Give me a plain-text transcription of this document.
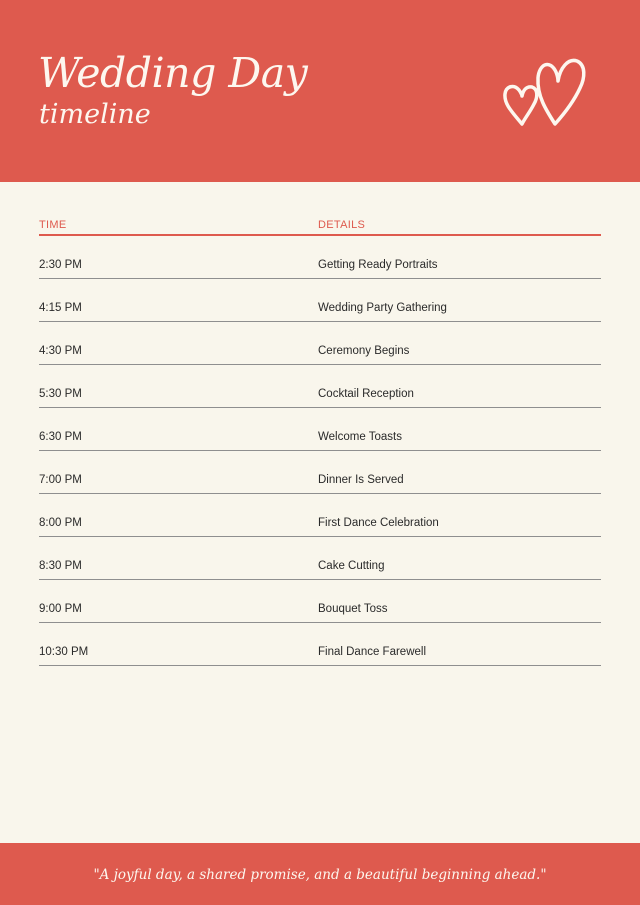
Wedding Day
timeline
TIME	DETAILS
2:30 PM	Getting Ready Portraits
4:15 PM	Wedding Party Gathering
4:30 PM	Ceremony Begins
5:30 PM	Cocktail Reception
6:30 PM	Welcome Toasts
7:00 PM	Dinner Is Served
8:00 PM	First Dance Celebration
8:30 PM	Cake Cutting
9:00 PM	Bouquet Toss
10:30 PM	Final Dance Farewell
"A joyful day, a shared promise, and a beautiful beginning ahead."
